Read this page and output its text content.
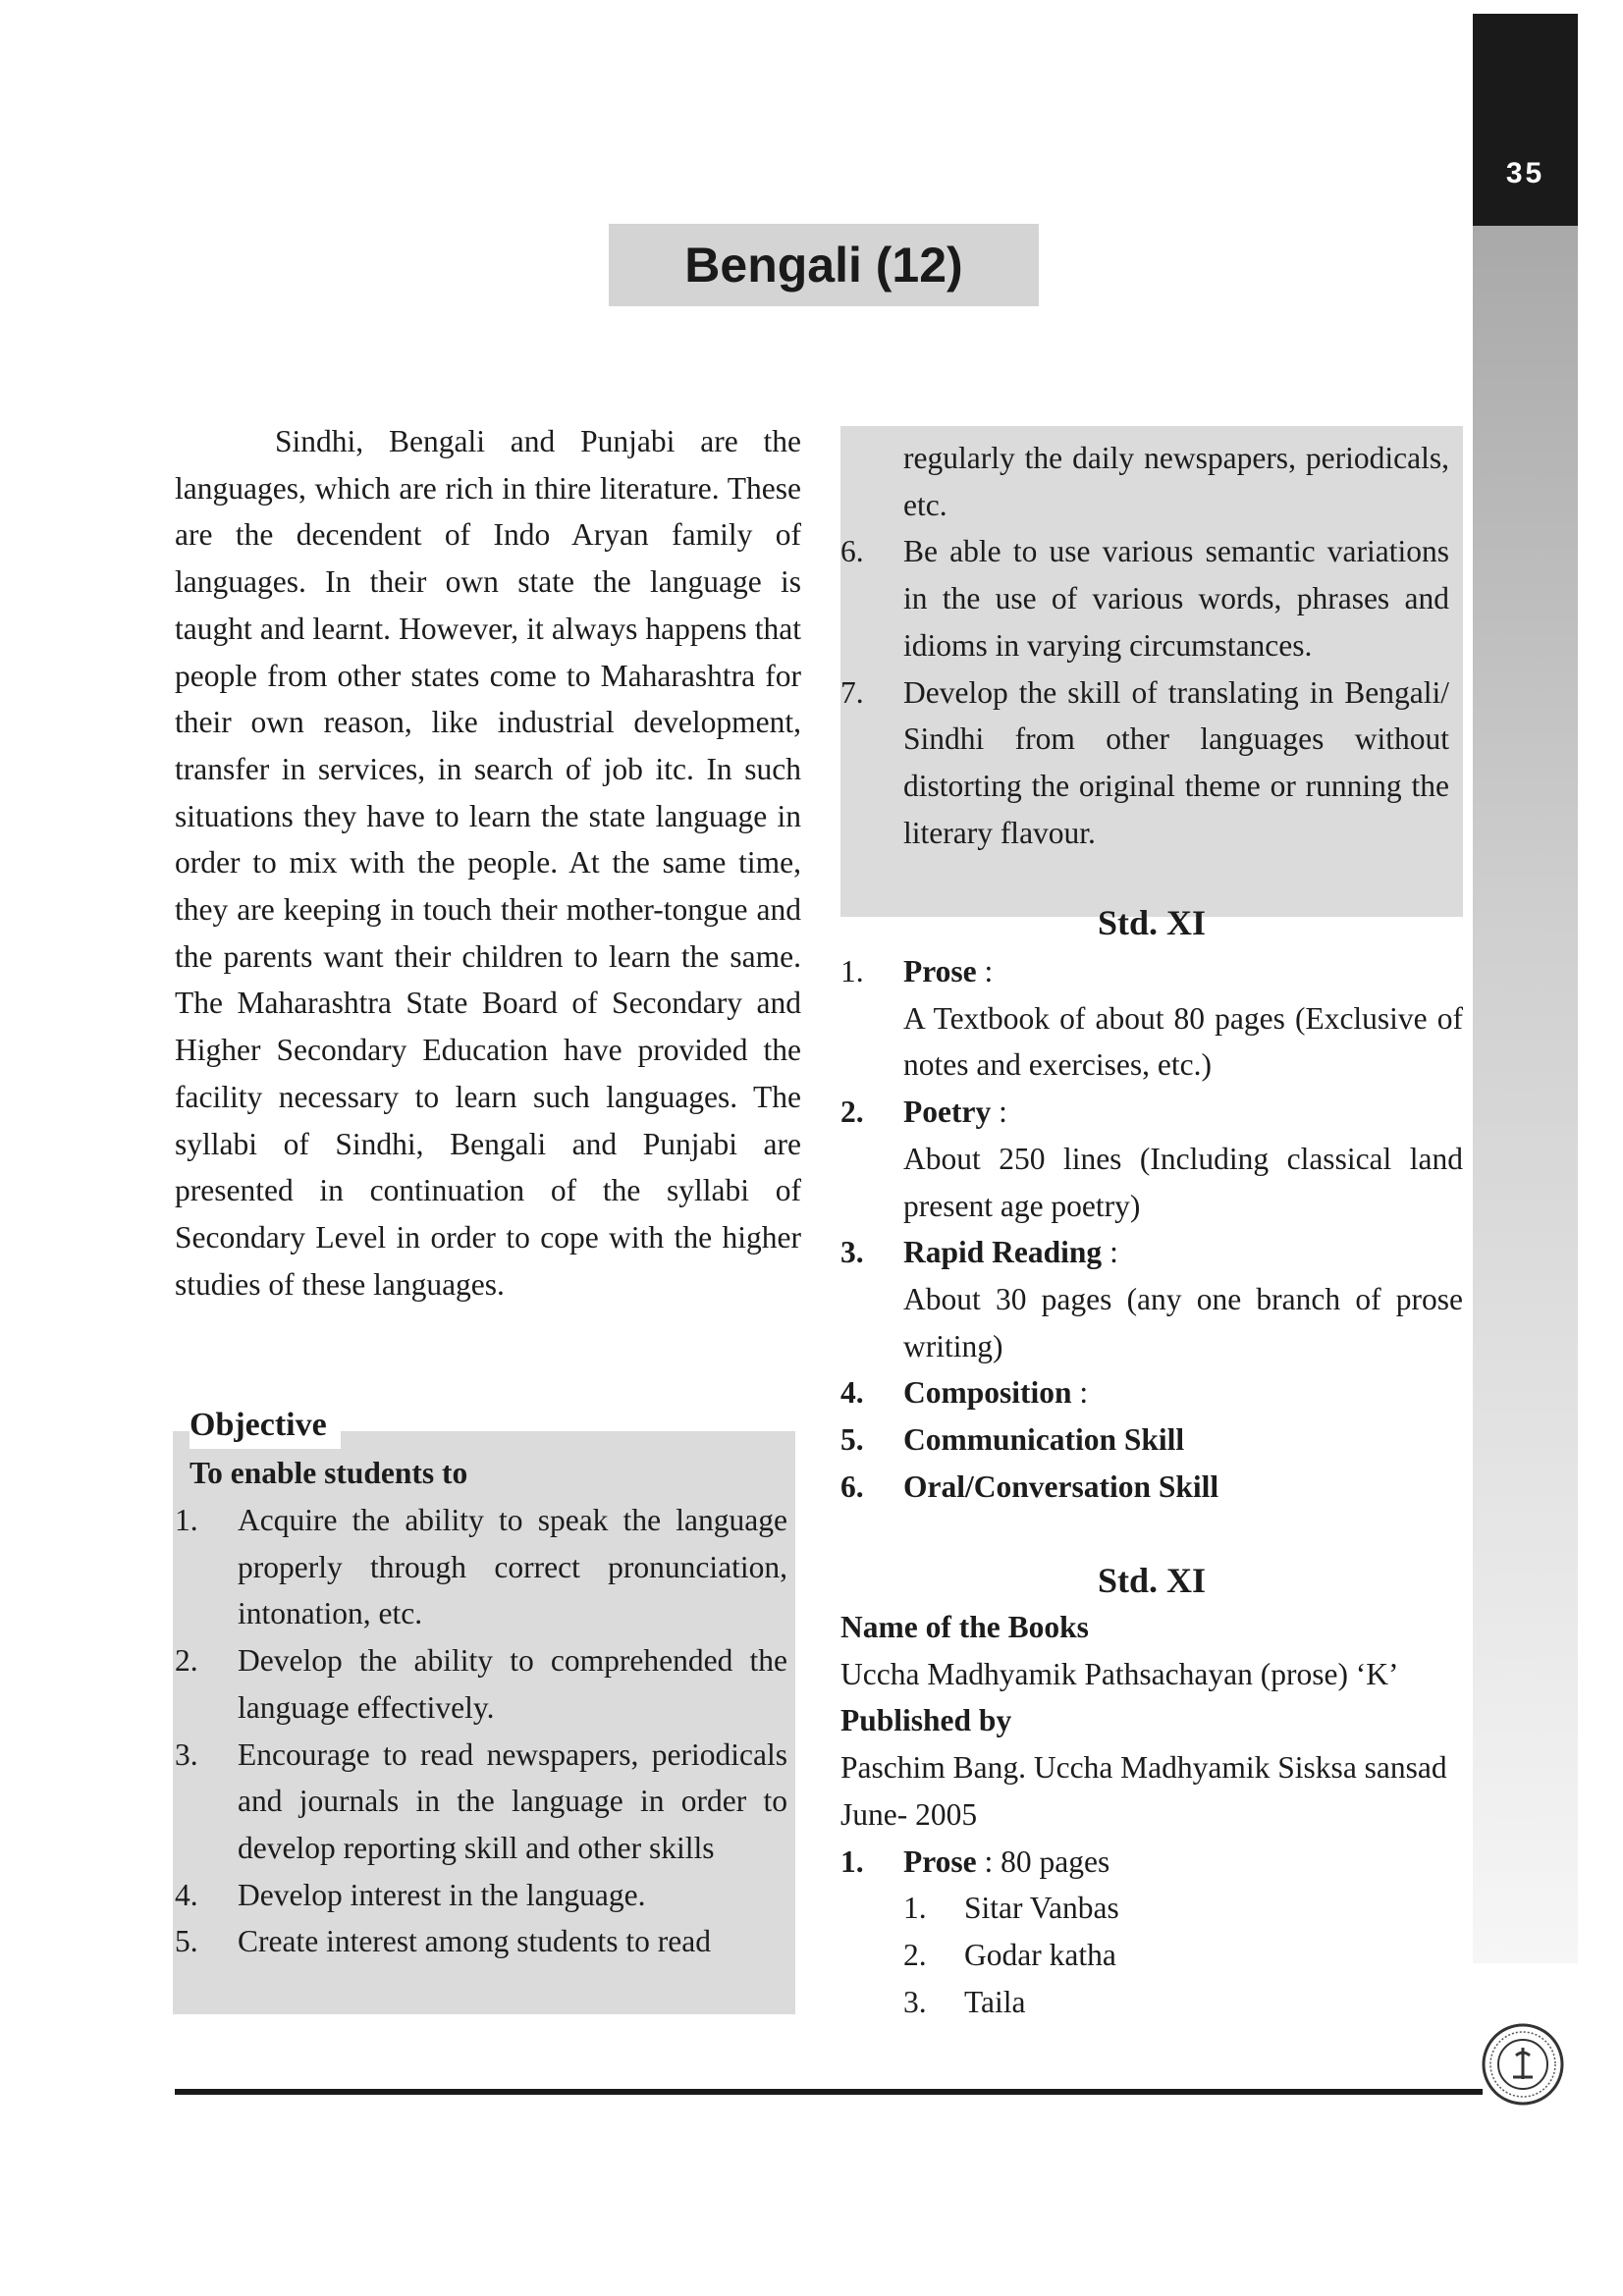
35
Bengali (12)

Sindhi, Bengali and Punjabi are the languages, which are rich in thire literature. These are the decendent of Indo Aryan family of languages. In their own state the language is taught and learnt. However, it always happens that people from other states come to Maharashtra for their own reason, like industrial development, transfer in services, in search of job itc. In such situations they have to learn the state language in order to mix with the people. At the same time, they are keeping in touch their mother-tongue and the parents want their children to learn the same. The Maharashtra State Board of Secondary and Higher Secondary Education have provided the facility necessary to learn such languages. The syllabi of Sindhi, Bengali and Punjabi are presented in continuation of the syllabi of Secondary Level in order to cope with the higher studies of these languages.

Objective
To enable students to
1. Acquire the ability to speak the language properly through correct pronunciation, intonation, etc.
2. Develop the ability to comprehended the language effectively.
3. Encourage to read newspapers, periodicals and journals in the language in order to develop reporting skill and other skills
4. Develop interest in the language.
5. Create interest among students to read

regularly the daily newspapers, periodicals, etc.

6. Be able to use various semantic variations in the use of various words, phrases and idioms in varying circumstances.
7. Develop the skill of translating in Bengali/ Sindhi from other languages without distorting the original theme or running the literary flavour.
Std. XI
1. Prose :
A Textbook of about 80 pages (Exclusive of notes and exercises, etc.)
2. Poetry :
About 250 lines (Including classical land present age poetry)
3. Rapid Reading :
About 30 pages (any one branch of prose writing)
4. Composition :
5. Communication Skill
6. Oral/Conversation Skill
Std. XI

Name of the Books

Uccha Madhyamik Pathsachayan (prose) ‘K’

Published by

Paschim Bang. Uccha Madhyamik Sisksa sansad June- 2005

1. Prose : 80 pages
1. Sitar Vanbas
2. Godar katha
3. Taila
